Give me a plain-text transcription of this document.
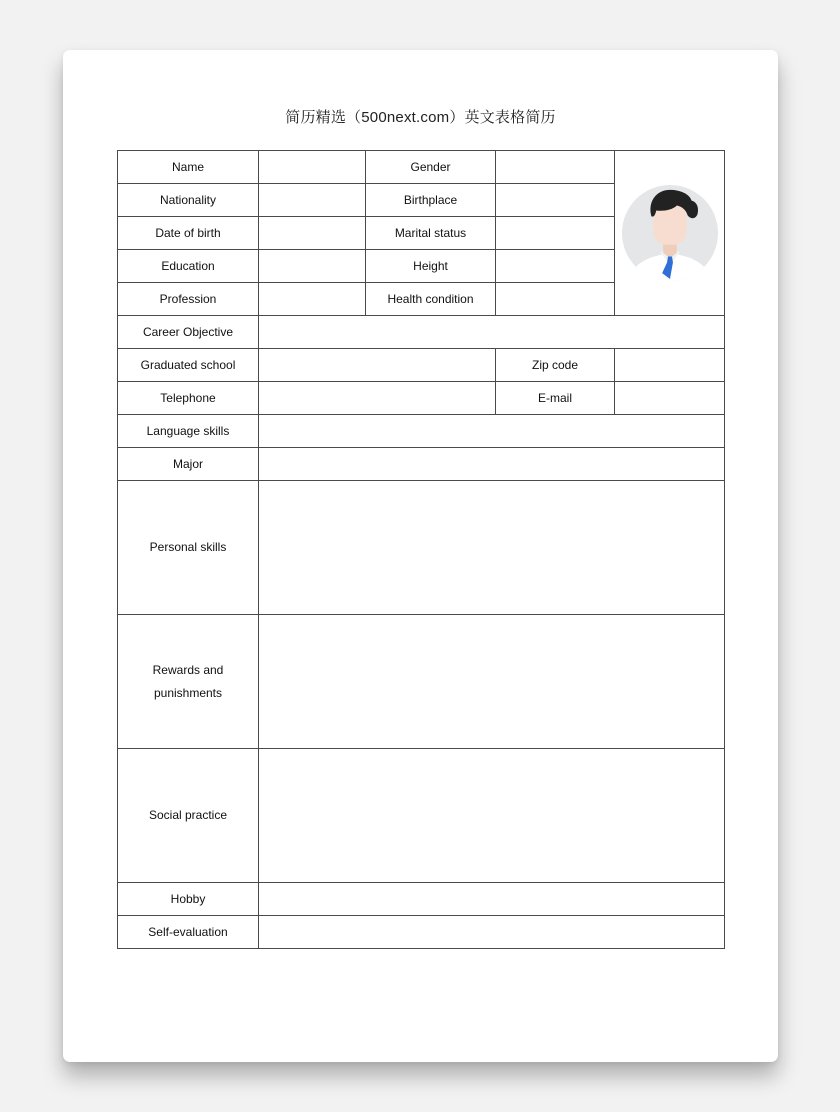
简历精选（500next.com）英文表格简历
Name		Gender		

Nationality		Birthplace		
Date of birth		Marital status		
Education		Height		
Profession		Health condition		
Career Objective				
Graduated school			Zip code	
Telephone			E-mail	
Language skills				
Major				
Personal skills				
Rewards and
punishments				
Social practice				
Hobby				
Self-evaluation				
